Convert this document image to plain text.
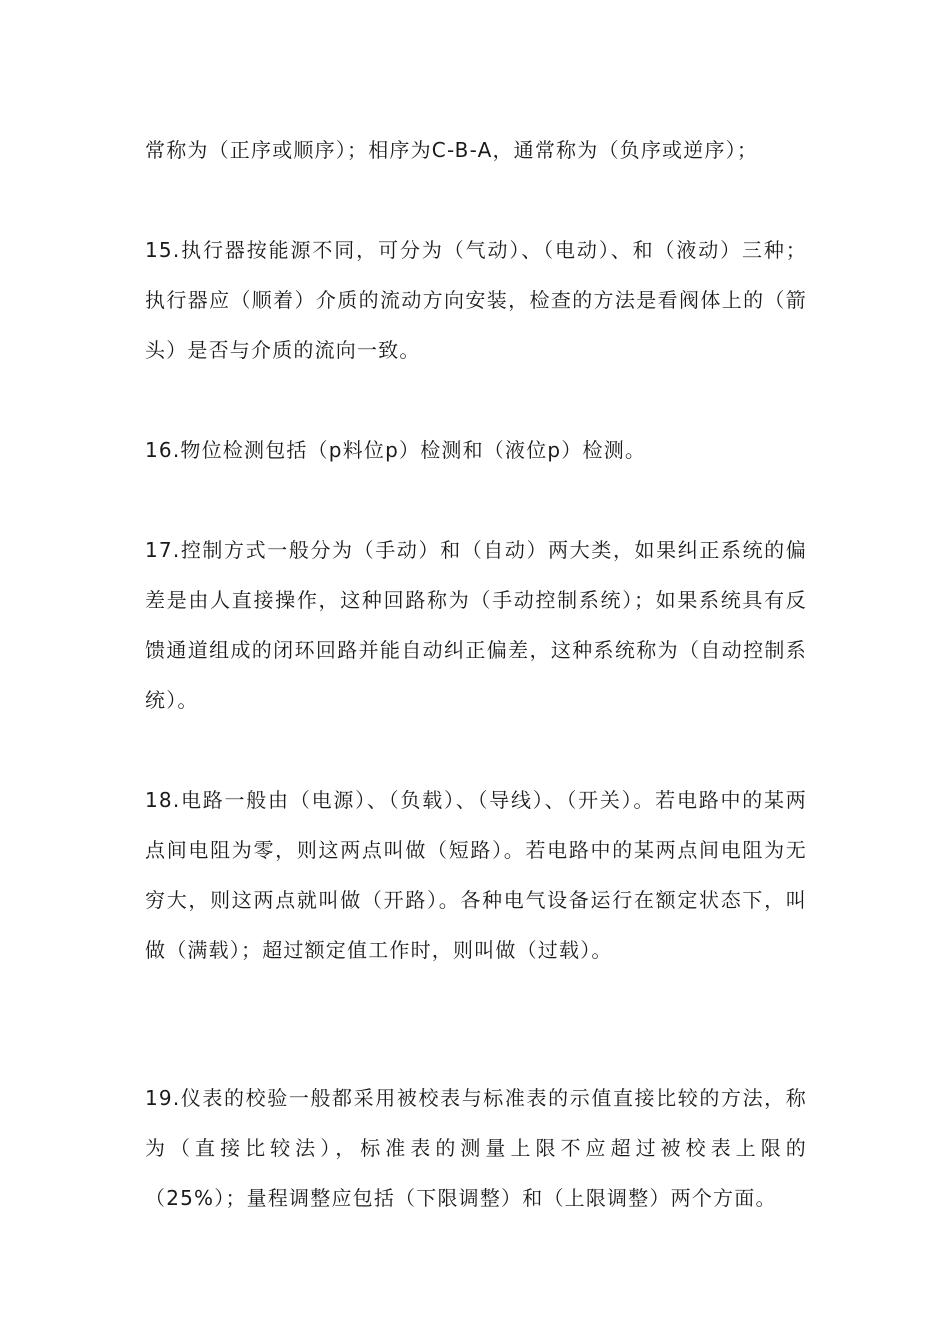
常称为（正序或顺序）；相序为C-B-A，通常称为（负序或逆序）；

15.执行器按能源不同，可分为（气动）、（电动）、和（液动）三种；执行器应（顺着）介质的流动方向安装，检查的方法是看阀体上的（箭头）是否与介质的流向一致。

16.物位检测包括（p料位p）检测和（液位p）检测。

17.控制方式一般分为（手动）和（自动）两大类，如果纠正系统的偏差是由人直接操作，这种回路称为（手动控制系统）；如果系统具有反馈通道组成的闭环回路并能自动纠正偏差，这种系统称为（自动控制系统）。

18.电路一般由（电源）、（负载）、（导线）、（开关）。若电路中的某两点间电阻为零，则这两点叫做（短路）。若电路中的某两点间电阻为无穷大，则这两点就叫做（开路）。各种电气设备运行在额定状态下，叫做（满载）；超过额定值工作时，则叫做（过载）。

19.仪表的校验一般都采用被校表与标准表的示值直接比较的方法，称为（直接比较法），标准表的测量上限不应超过被校表上限的（25%）；量程调整应包括（下限调整）和（上限调整）两个方面。
